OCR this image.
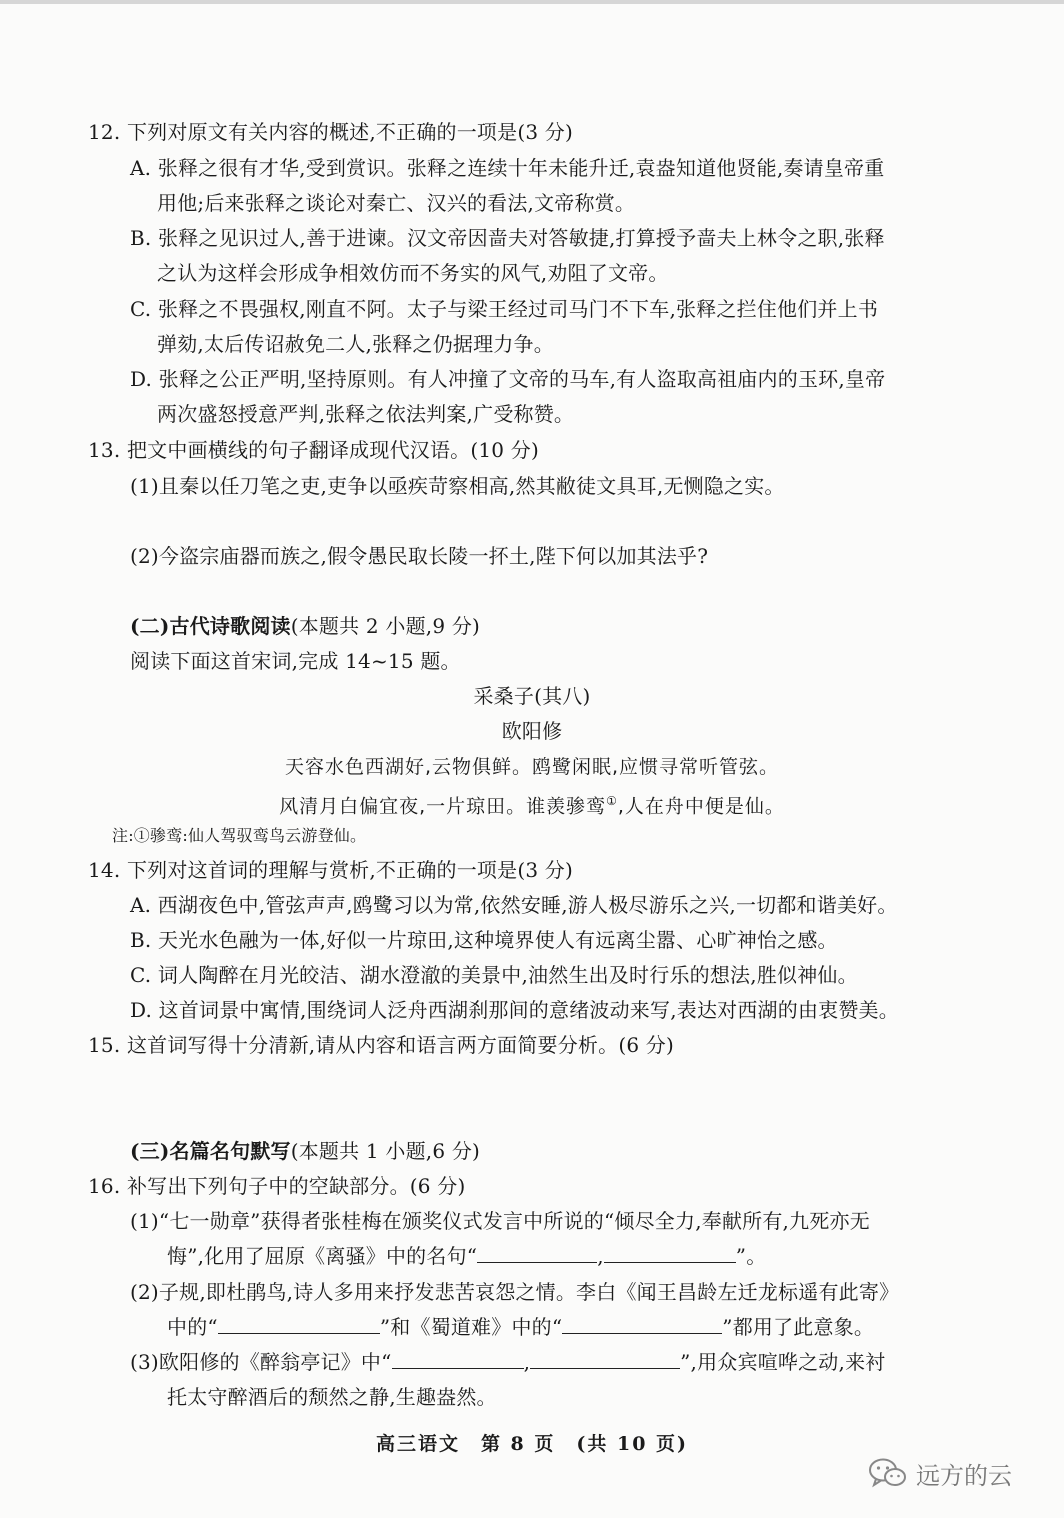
12. 下列对原文有关内容的概述,不正确的一项是(3 分)
A. 张释之很有才华,受到赏识。张释之连续十年未能升迁,袁盎知道他贤能,奏请皇帝重
用他;后来张释之谈论对秦亡、汉兴的看法,文帝称赏。
B. 张释之见识过人,善于进谏。汉文帝因啬夫对答敏捷,打算授予啬夫上林令之职,张释
之认为这样会形成争相效仿而不务实的风气,劝阻了文帝。
C. 张释之不畏强权,刚直不阿。太子与梁王经过司马门不下车,张释之拦住他们并上书
弹劾,太后传诏赦免二人,张释之仍据理力争。
D. 张释之公正严明,坚持原则。有人冲撞了文帝的马车,有人盗取高祖庙内的玉环,皇帝
两次盛怒授意严判,张释之依法判案,广受称赞。
13. 把文中画横线的句子翻译成现代汉语。(10 分)
(1)且秦以任刀笔之吏,吏争以亟疾苛察相高,然其敝徒文具耳,无恻隐之实。
(2)今盗宗庙器而族之,假令愚民取长陵一抔土,陛下何以加其法乎?
(二)古代诗歌阅读(本题共 2 小题,9 分)
阅读下面这首宋词,完成 14~15 题。
采桑子(其八)
欧阳修
天容水色西湖好,云物俱鲜。鸥鹭闲眠,应惯寻常听管弦。
风清月白偏宜夜,一片琼田。谁羡骖鸾①,人在舟中便是仙。
注:①骖鸾:仙人驾驭鸾鸟云游登仙。
14. 下列对这首词的理解与赏析,不正确的一项是(3 分)
A. 西湖夜色中,管弦声声,鸥鹭习以为常,依然安睡,游人极尽游乐之兴,一切都和谐美好。
B. 天光水色融为一体,好似一片琼田,这种境界使人有远离尘嚣、心旷神怡之感。
C. 词人陶醉在月光皎洁、湖水澄澈的美景中,油然生出及时行乐的想法,胜似神仙。
D. 这首词景中寓情,围绕词人泛舟西湖刹那间的意绪波动来写,表达对西湖的由衷赞美。
15. 这首词写得十分清新,请从内容和语言两方面简要分析。(6 分)
(三)名篇名句默写(本题共 1 小题,6 分)
16. 补写出下列句子中的空缺部分。(6 分)
(1)“七一勋章”获得者张桂梅在颁奖仪式发言中所说的“倾尽全力,奉献所有,九死亦无
悔”,化用了屈原《离骚》中的名句“	,	”。
(2)子规,即杜鹃鸟,诗人多用来抒发悲苦哀怨之情。李白《闻王昌龄左迁龙标遥有此寄》
中的“	”和《蜀道难》中的“	”都用了此意象。
(3)欧阳修的《醉翁亭记》中“	,	”,用众宾喧哗之动,来衬
托太守醉酒后的颓然之静,生趣盎然。
高三语文　第 8 页　(共 10 页)
远方的云
